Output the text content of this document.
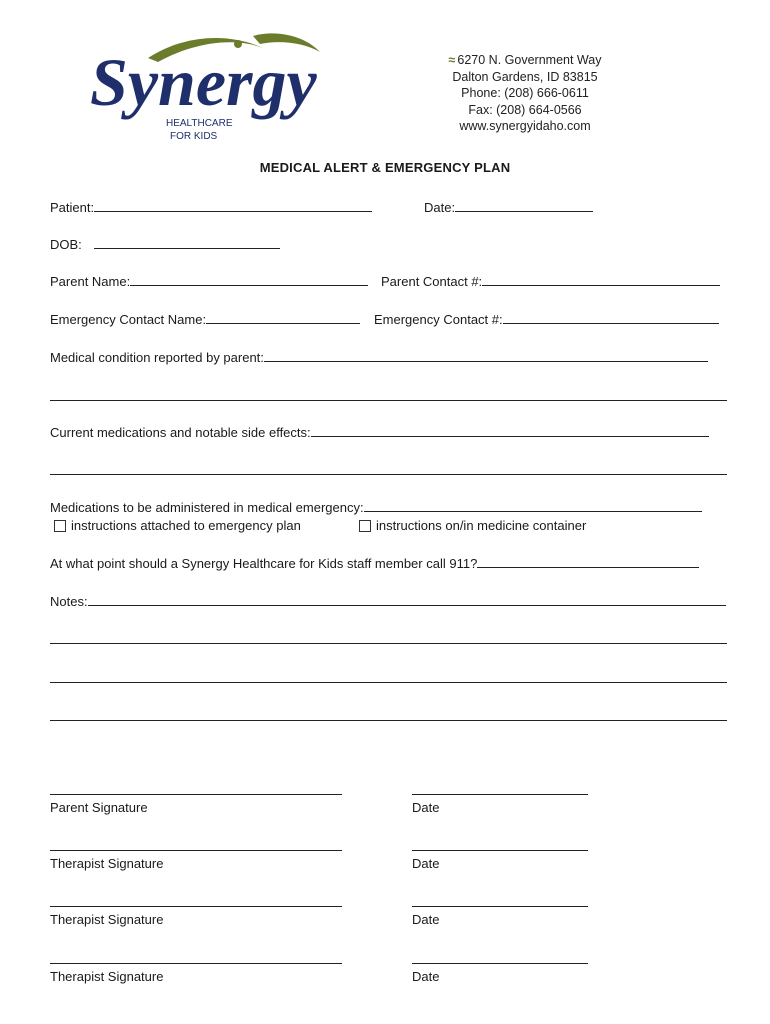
Synergy
HEALTHCARE
FOR KIDS
≈ 6270 N. Government Way
Dalton Gardens, ID 83815
Phone: (208) 666-0611
Fax: (208) 664-0566
www.synergyidaho.com
MEDICAL ALERT & EMERGENCY PLAN
Patient:	Date:
DOB:
Parent Name:	Parent Contact #:
Emergency Contact Name:	Emergency Contact #:
Medical condition reported by parent:
Current medications and notable side effects:
Medications to be administered in medical emergency:
instructions attached to emergency plan	instructions on/in medicine container
At what point should a Synergy Healthcare for Kids staff member call 911?
Notes:
Parent Signature	Date
Therapist Signature	Date
Therapist Signature	Date
Therapist Signature	Date
